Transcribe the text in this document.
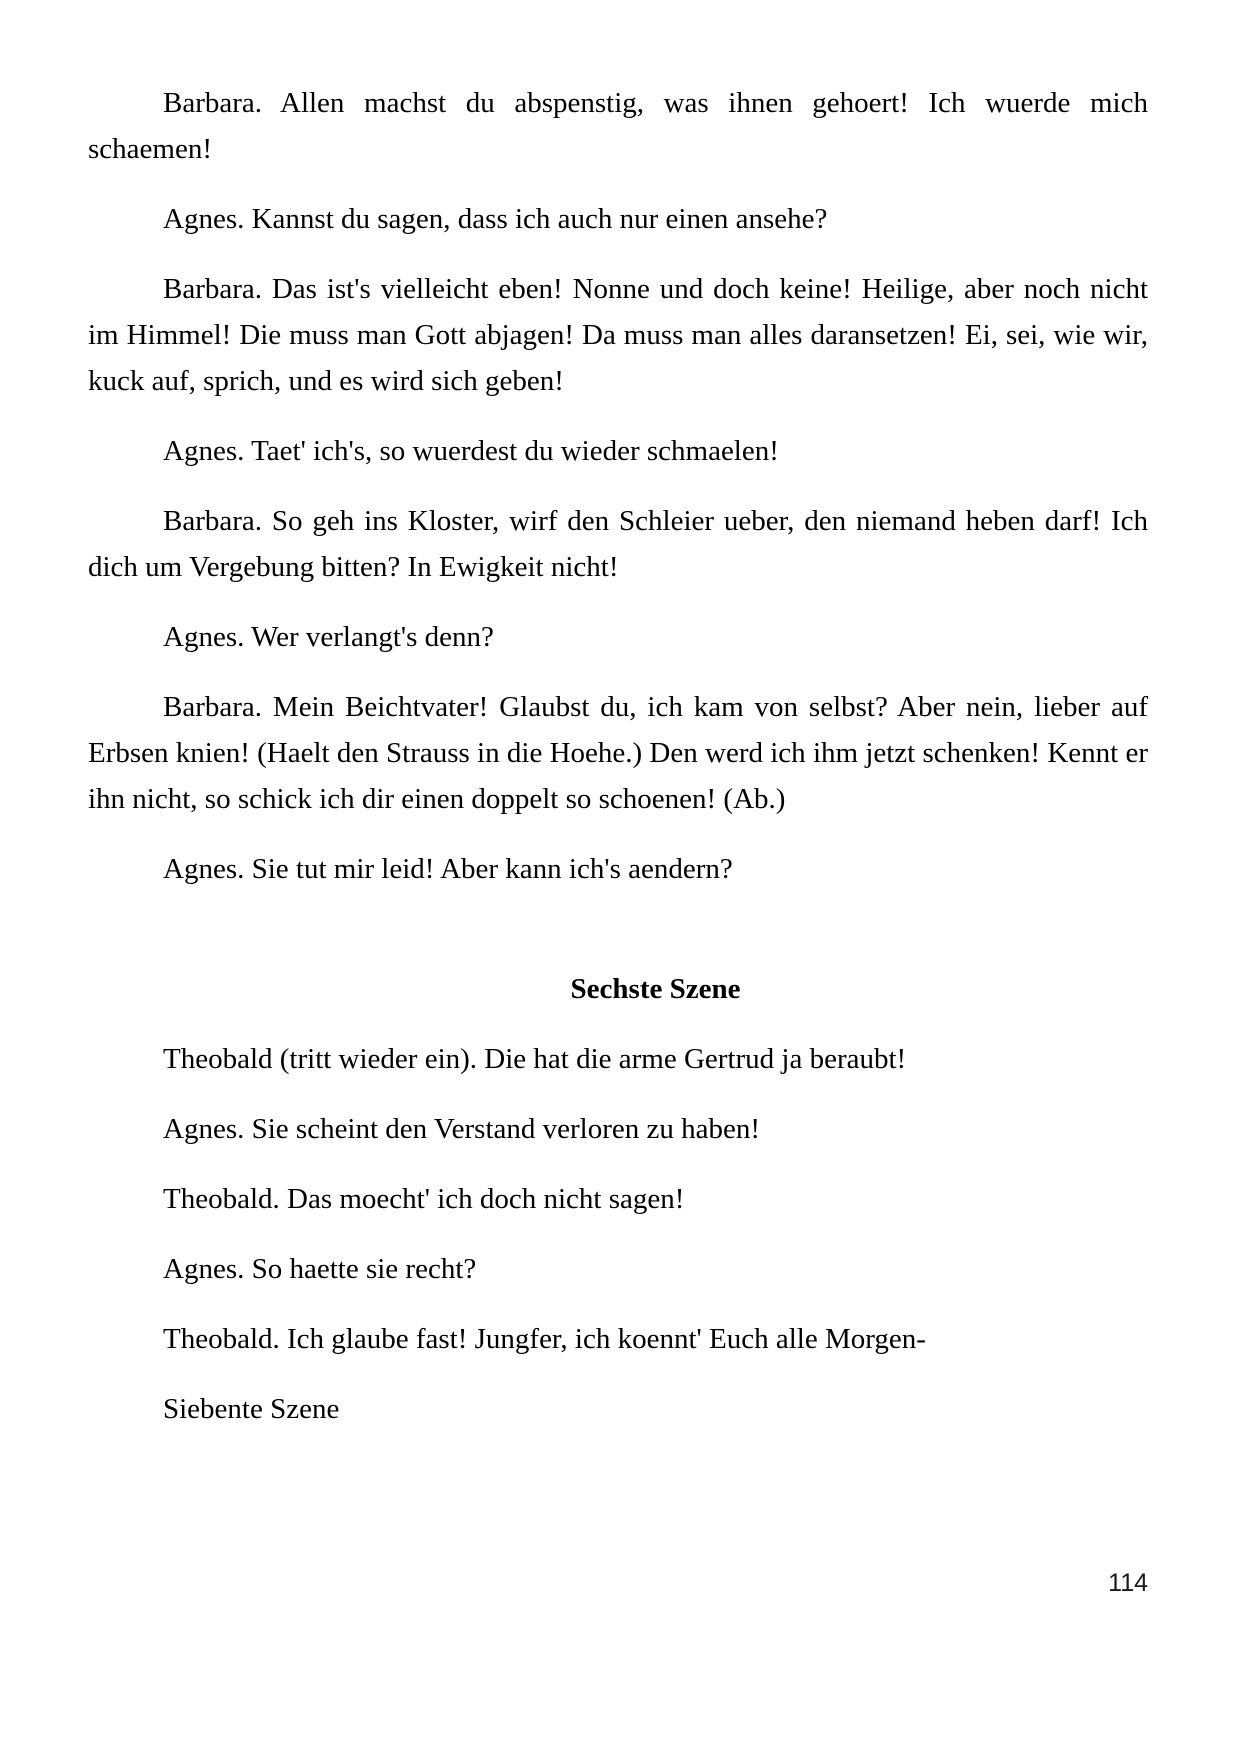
Barbara. Allen machst du abspenstig, was ihnen gehoert! Ich wuerde mich schaemen!

Agnes. Kannst du sagen, dass ich auch nur einen ansehe?

Barbara. Das ist's vielleicht eben! Nonne und doch keine! Heilige, aber noch nicht im Himmel! Die muss man Gott abjagen! Da muss man alles daransetzen! Ei, sei, wie wir, kuck auf, sprich, und es wird sich geben!

Agnes. Taet' ich's, so wuerdest du wieder schmaelen!

Barbara. So geh ins Kloster, wirf den Schleier ueber, den niemand heben darf! Ich dich um Vergebung bitten? In Ewigkeit nicht!

Agnes. Wer verlangt's denn?

Barbara. Mein Beichtvater! Glaubst du, ich kam von selbst? Aber nein, lieber auf Erbsen knien! (Haelt den Strauss in die Hoehe.) Den werd ich ihm jetzt schenken! Kennt er ihn nicht, so schick ich dir einen doppelt so schoenen! (Ab.)

Agnes. Sie tut mir leid! Aber kann ich's aendern?

Sechste Szene

Theobald (tritt wieder ein). Die hat die arme Gertrud ja beraubt!

Agnes. Sie scheint den Verstand verloren zu haben!

Theobald. Das moecht' ich doch nicht sagen!

Agnes. So haette sie recht?

Theobald. Ich glaube fast! Jungfer, ich koennt' Euch alle Morgen-

Siebente Szene

114
